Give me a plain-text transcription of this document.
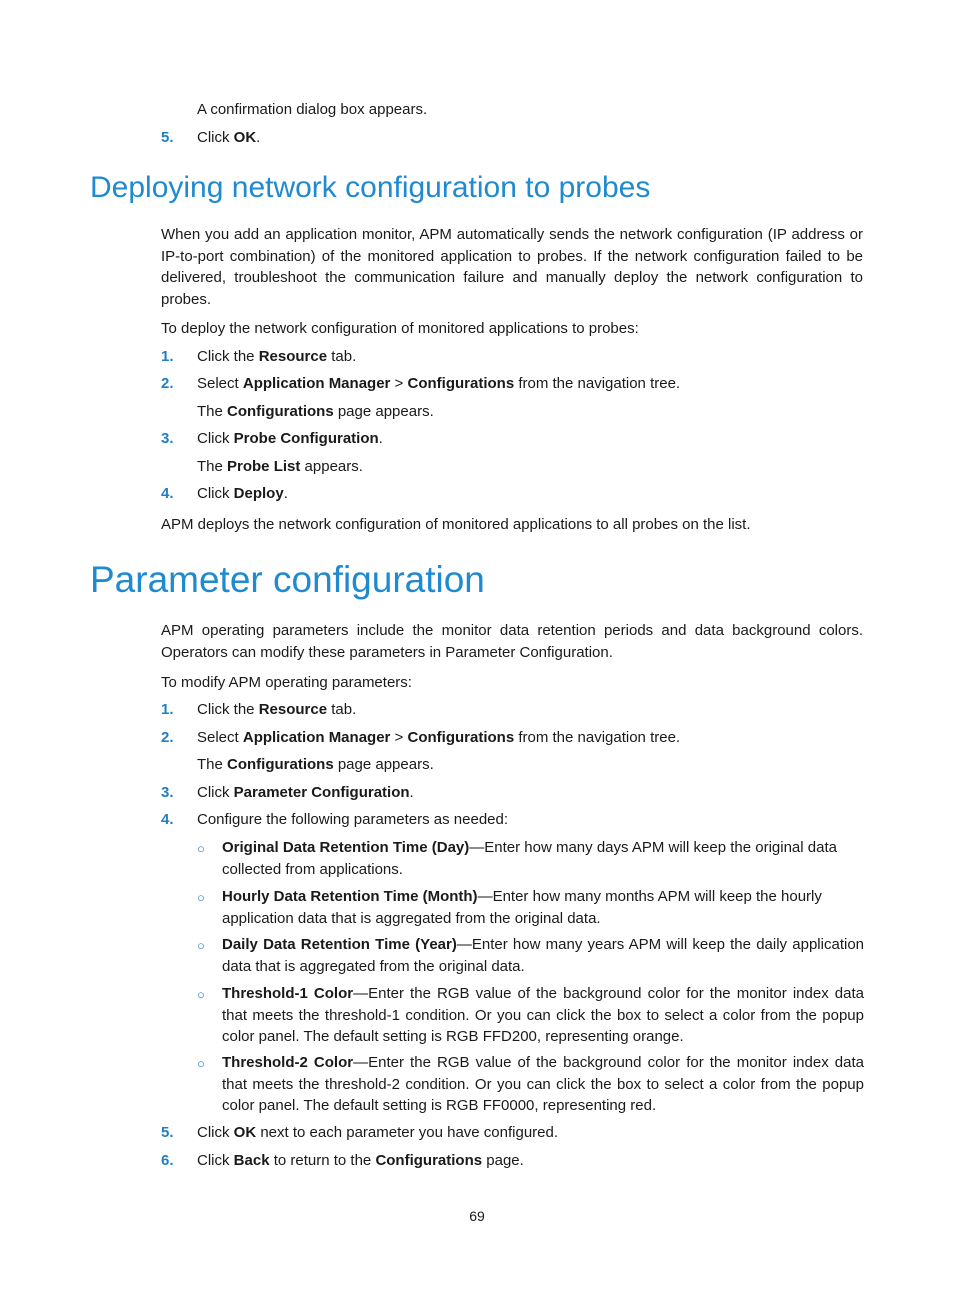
A confirmation dialog box appears.
5. Click OK.
Deploying network configuration to probes
When you add an application monitor, APM automatically sends the network configuration (IP address or IP-to-port combination) of the monitored application to probes. If the network configuration failed to be delivered, troubleshoot the communication failure and manually deploy the network configuration to probes.
To deploy the network configuration of monitored applications to probes:
1. Click the Resource tab.
2. Select Application Manager > Configurations from the navigation tree.
The Configurations page appears.
3. Click Probe Configuration.
The Probe List appears.
4. Click Deploy.
APM deploys the network configuration of monitored applications to all probes on the list.
Parameter configuration
APM operating parameters include the monitor data retention periods and data background colors. Operators can modify these parameters in Parameter Configuration.
To modify APM operating parameters:
1. Click the Resource tab.
2. Select Application Manager > Configurations from the navigation tree.
The Configurations page appears.
3. Click Parameter Configuration.
4. Configure the following parameters as needed:
○ Original Data Retention Time (Day)—Enter how many days APM will keep the original data collected from applications.
○ Hourly Data Retention Time (Month)—Enter how many months APM will keep the hourly application data that is aggregated from the original data.
○ Daily Data Retention Time (Year)—Enter how many years APM will keep the daily application data that is aggregated from the original data.
○ Threshold-1 Color—Enter the RGB value of the background color for the monitor index data that meets the threshold-1 condition. Or you can click the box to select a color from the popup color panel. The default setting is RGB FFD200, representing orange.
○ Threshold-2 Color—Enter the RGB value of the background color for the monitor index data that meets the threshold-2 condition. Or you can click the box to select a color from the popup color panel. The default setting is RGB FF0000, representing red.
5. Click OK next to each parameter you have configured.
6. Click Back to return to the Configurations page.
69
